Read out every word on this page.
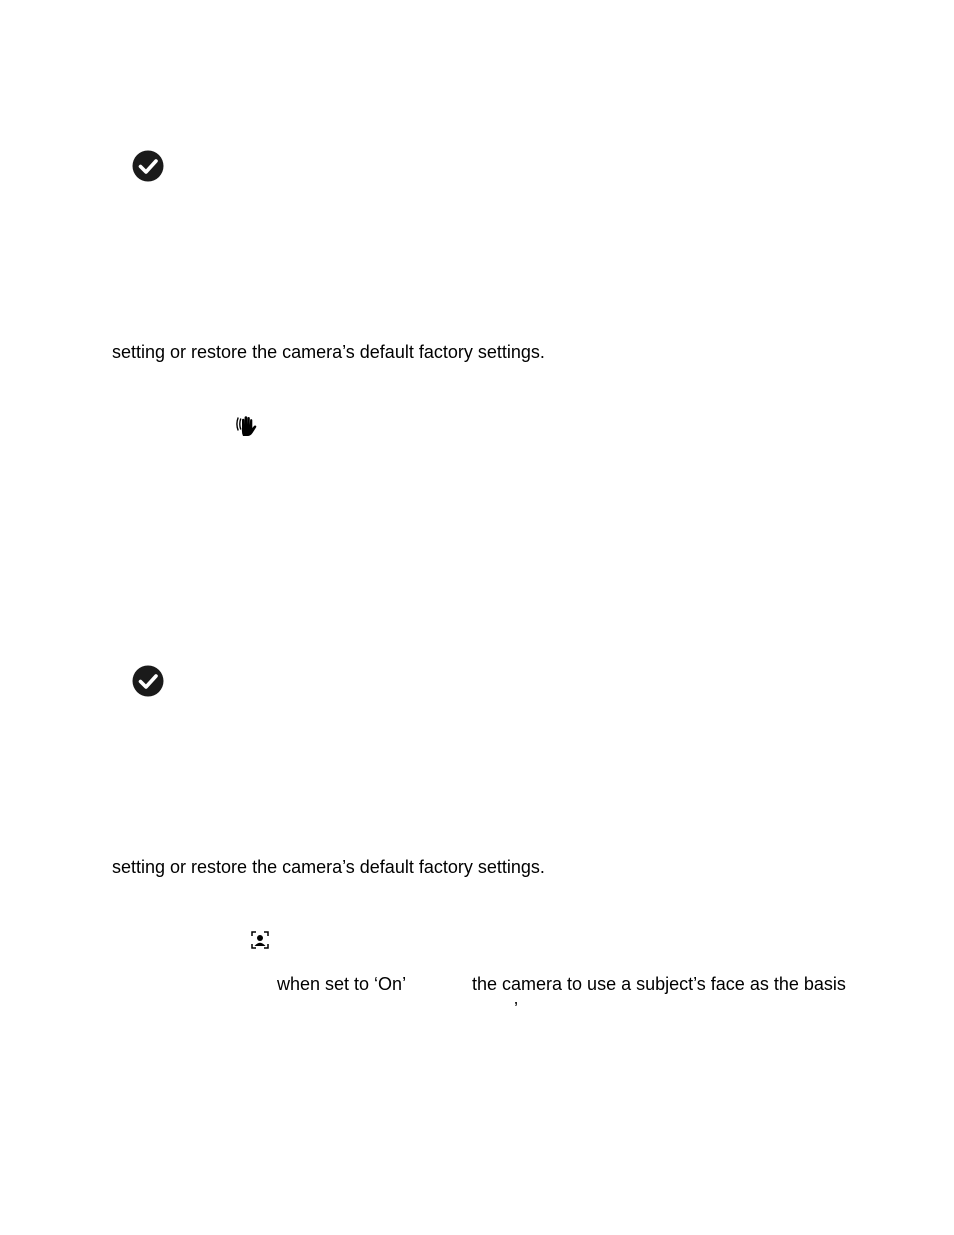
setting or restore the camera’s default factory settings.
setting or restore the camera’s default factory settings.
when set to ‘On’	the camera to use a subject’s face as the basis
’
